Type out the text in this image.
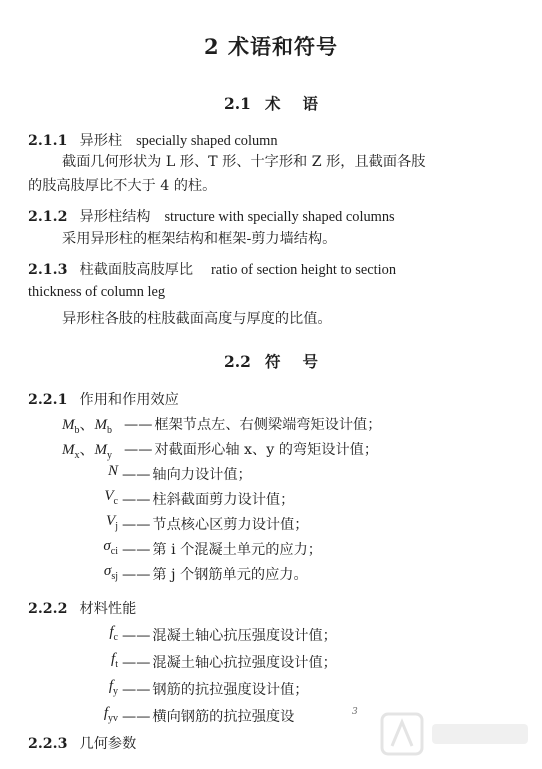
2 术语和符号
2.1 术 语
2.1.1 异形柱 specially shaped column
截面几何形状为 L 形、T 形、十字形和 Z 形，且截面各肢
的肢高肢厚比不大于 4 的柱。
2.1.2 异形柱结构 structure with specially shaped columns
采用异形柱的框架结构和框架-剪力墙结构。
2.1.3 柱截面肢高肢厚比 ratio of section height to section
thickness of column leg
异形柱各肢的柱肢截面高度与厚度的比值。
2.2 符 号
2.2.1 作用和作用效应
$M_b$、$M_b$ —— 框架节点左、右侧梁端弯矩设计值；
$M_x$、$M_y$ —— 对截面形心轴 x、y 的弯矩设计值；
N —— 轴向力设计值；
$V_c$ —— 柱斜截面剪力设计值；
$V_j$ —— 节点核心区剪力设计值；
$\sigma_{ci}$ —— 第 i 个混凝土单元的应力；
$\sigma_{sj}$ —— 第 j 个钢筋单元的应力。
2.2.2 材料性能
$f_c$ —— 混凝土轴心抗压强度设计值；
$f_t$ —— 混凝土轴心抗拉强度设计值；
$f_y$ —— 钢筋的抗拉强度设计值；
$f_{yv}$ —— 横向钢筋的抗拉强度设
2.2.3 几何参数
3
